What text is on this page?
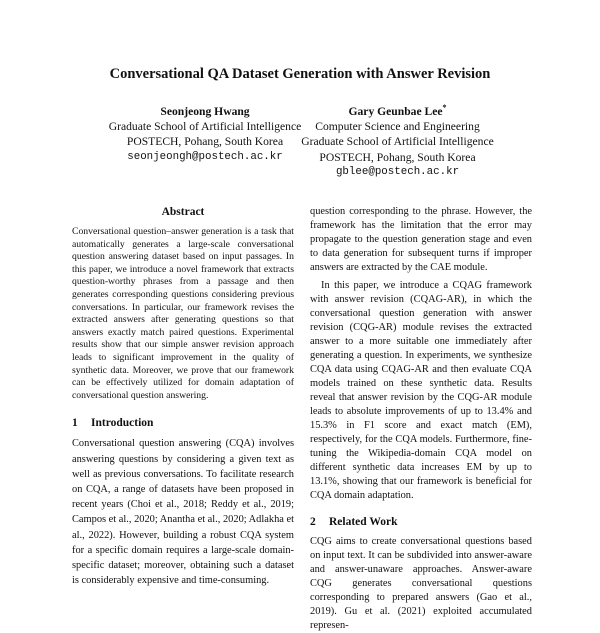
Conversational QA Dataset Generation with Answer Revision
Seonjeong Hwang
Graduate School of Artificial Intelligence
POSTECH, Pohang, South Korea
seonjeongh@postech.ac.kr
Gary Geunbae Lee*
Computer Science and Engineering
Graduate School of Artificial Intelligence
POSTECH, Pohang, South Korea
gblee@postech.ac.kr
Abstract

Conversational question–answer generation is a task that automatically generates a large-scale conversational question answering dataset based on input passages. In this paper, we introduce a novel framework that extracts question-worthy phrases from a passage and then generates corresponding questions considering previous conversations. In particular, our framework revises the extracted answers after generating questions so that answers exactly match paired questions. Experimental results show that our simple answer revision approach leads to significant improvement in the quality of synthetic data. Moreover, we prove that our framework can be effectively utilized for domain adaptation of conversational question answering.

1 Introduction

Conversational question answering (CQA) involves answering questions by considering a given text as well as previous conversations. To facilitate research on CQA, a range of datasets have been proposed in recent years (Choi et al., 2018; Reddy et al., 2019; Campos et al., 2020; Anantha et al., 2020; Adlakha et al., 2022). However, building a robust CQA system for a specific domain requires a large-scale domain-specific dataset; moreover, obtaining such a dataset is considerably expensive and time-consuming.

question corresponding to the phrase. However, the framework has the limitation that the error may propagate to the question generation stage and even to data generation for subsequent turns if improper answers are extracted by the CAE module.

In this paper, we introduce a CQAG framework with answer revision (CQAG-AR), in which the conversational question generation with answer revision (CQG-AR) module revises the extracted answer to a more suitable one immediately after generating a question. In experiments, we synthesize CQA data using CQAG-AR and then evaluate CQA models trained on these synthetic data. Results reveal that answer revision by the CQG-AR module leads to absolute improvements of up to 13.4% and 15.3% in F1 score and exact match (EM), respectively, for the CQA models. Furthermore, fine-tuning the Wikipedia-domain CQA model on different synthetic data increases EM by up to 13.1%, showing that our framework is beneficial for CQA domain adaptation.

2 Related Work

CQG aims to create conversational questions based on input text. It can be subdivided into answer-aware and answer-unaware approaches. Answer-aware CQG generates conversational questions corresponding to prepared answers (Gao et al., 2019). Gu et al. (2021) exploited accumulated represen-
